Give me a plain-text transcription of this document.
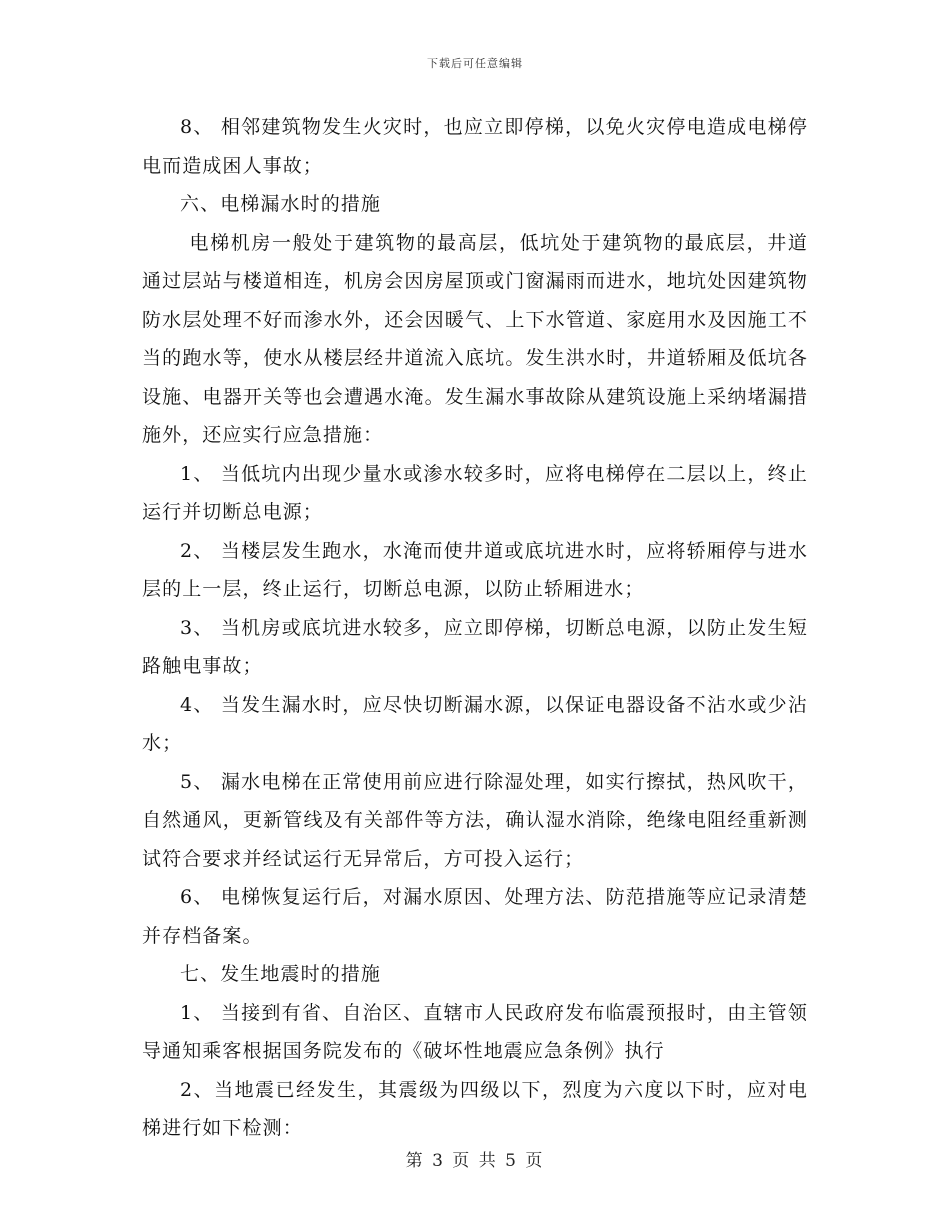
下载后可任意编辑

8、 相邻建筑物发生火灾时，也应立即停梯，以免火灾停电造成电梯停电而造成困人事故；

六、电梯漏水时的措施

电梯机房一般处于建筑物的最高层，低坑处于建筑物的最底层，井道通过层站与楼道相连，机房会因房屋顶或门窗漏雨而进水，地坑处因建筑物防水层处理不好而渗水外，还会因暖气、上下水管道、家庭用水及因施工不当的跑水等，使水从楼层经井道流入底坑。发生洪水时，井道轿厢及低坑各设施、电器开关等也会遭遇水淹。发生漏水事故除从建筑设施上采纳堵漏措施外，还应实行应急措施：

1、 当低坑内出现少量水或渗水较多时，应将电梯停在二层以上，终止运行并切断总电源；

2、 当楼层发生跑水，水淹而使井道或底坑进水时，应将轿厢停与进水层的上一层，终止运行，切断总电源，以防止轿厢进水；

3、 当机房或底坑进水较多，应立即停梯，切断总电源，以防止发生短路触电事故；

4、 当发生漏水时，应尽快切断漏水源，以保证电器设备不沾水或少沾水；

5、 漏水电梯在正常使用前应进行除湿处理，如实行擦拭，热风吹干，自然通风，更新管线及有关部件等方法，确认湿水消除，绝缘电阻经重新测试符合要求并经试运行无异常后，方可投入运行；

6、 电梯恢复运行后，对漏水原因、处理方法、防范措施等应记录清楚并存档备案。

七、发生地震时的措施

1、 当接到有省、自治区、直辖市人民政府发布临震预报时，由主管领导通知乘客根据国务院发布的《破坏性地震应急条例》执行

2、当地震已经发生，其震级为四级以下，烈度为六度以下时，应对电梯进行如下检测：

第 3 页 共 5 页
